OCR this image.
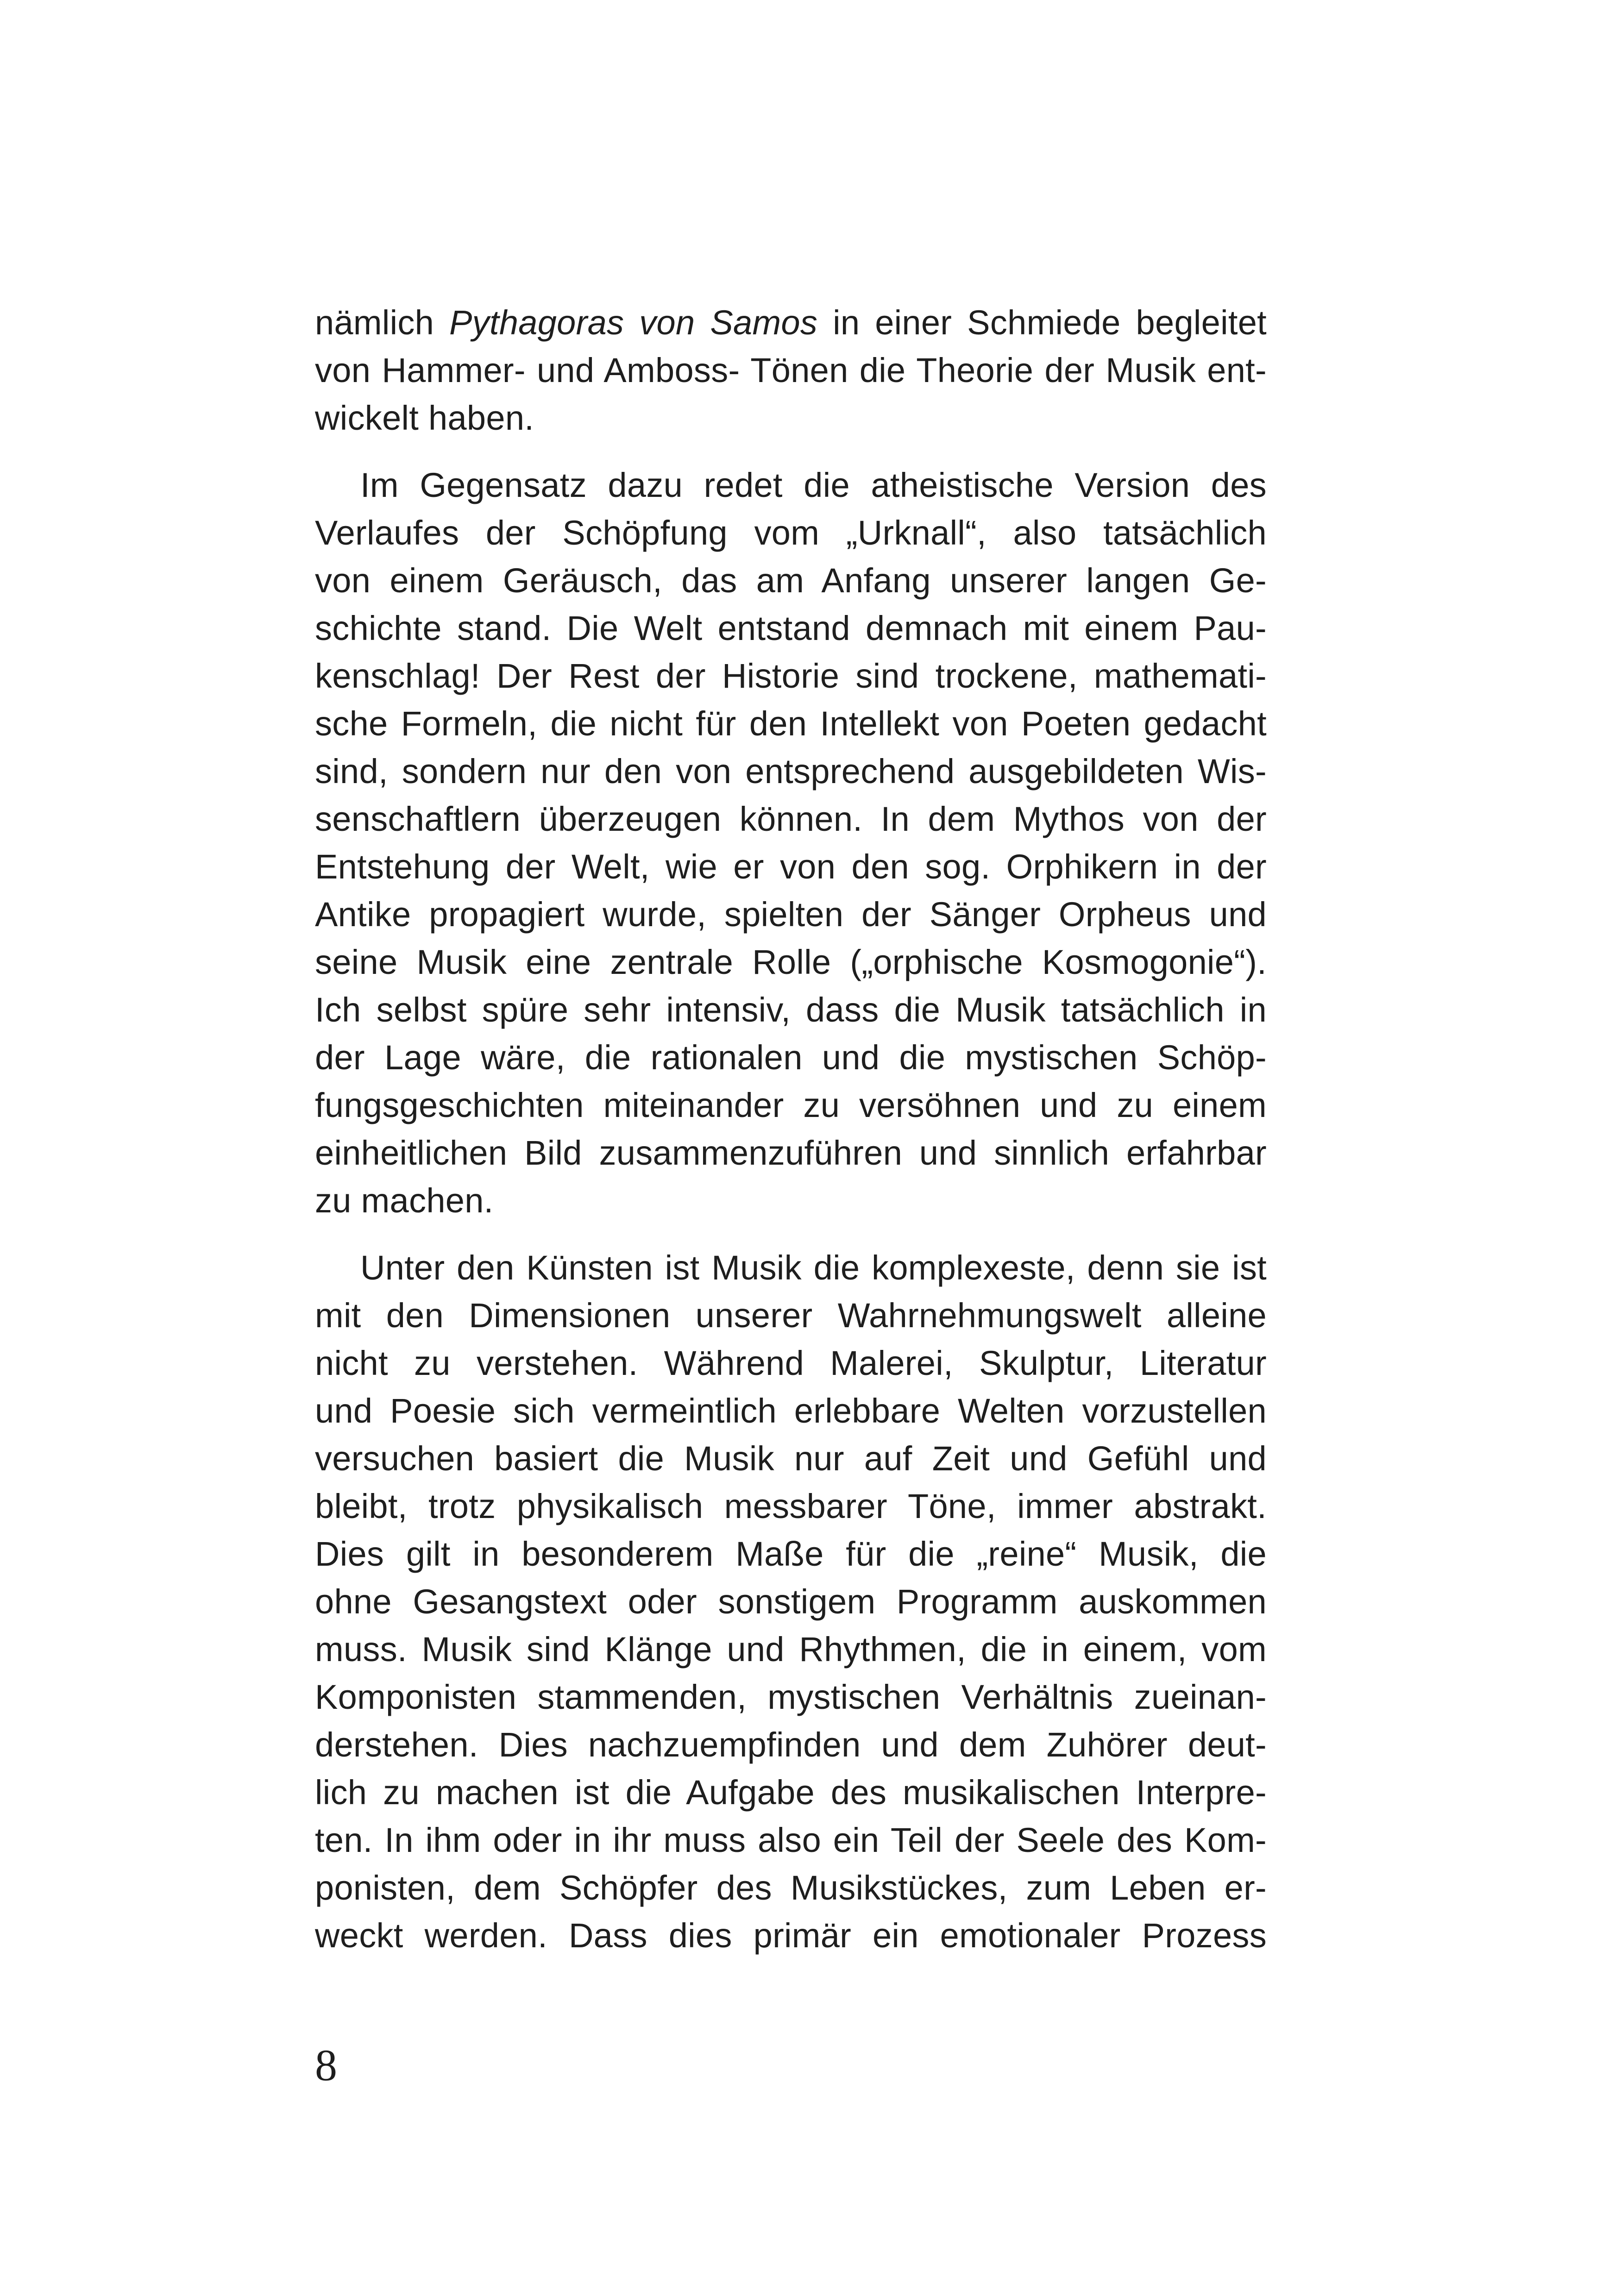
nämlich Pythagoras von Samos in einer Schmiede begleitet
von Hammer- und Amboss- Tönen die Theorie der Musik ent-
wickelt haben.
Im Gegensatz dazu redet die atheistische Version des
Verlaufes der Schöpfung vom „Urknall“, also tatsächlich
von einem Geräusch, das am Anfang unserer langen Ge-
schichte stand. Die Welt entstand demnach mit einem Pau-
kenschlag! Der Rest der Historie sind trockene, mathemati-
sche Formeln, die nicht für den Intellekt von Poeten gedacht
sind, sondern nur den von entsprechend ausgebildeten Wis-
senschaftlern überzeugen können. In dem Mythos von der
Entstehung der Welt, wie er von den sog. Orphikern in der
Antike propagiert wurde, spielten der Sänger Orpheus und
seine Musik eine zentrale Rolle („orphische Kosmogonie“).
Ich selbst spüre sehr intensiv, dass die Musik tatsächlich in
der Lage wäre, die rationalen und die mystischen Schöp-
fungsgeschichten miteinander zu versöhnen und zu einem
einheitlichen Bild zusammenzuführen und sinnlich erfahrbar
zu machen.
Unter den Künsten ist Musik die komplexeste, denn sie ist
mit den Dimensionen unserer Wahrnehmungswelt alleine
nicht zu verstehen. Während Malerei, Skulptur, Literatur
und Poesie sich vermeintlich erlebbare Welten vorzustellen
versuchen basiert die Musik nur auf Zeit und Gefühl und
bleibt, trotz physikalisch messbarer Töne, immer abstrakt.
Dies gilt in besonderem Maße für die „reine“ Musik, die
ohne Gesangstext oder sonstigem Programm auskommen
muss. Musik sind Klänge und Rhythmen, die in einem, vom
Komponisten stammenden, mystischen Verhältnis zueinan-
derstehen. Dies nachzuempfinden und dem Zuhörer deut-
lich zu machen ist die Aufgabe des musikalischen Interpre-
ten. In ihm oder in ihr muss also ein Teil der Seele des Kom-
ponisten, dem Schöpfer des Musikstückes, zum Leben er-
weckt werden. Dass dies primär ein emotionaler Prozess
8
